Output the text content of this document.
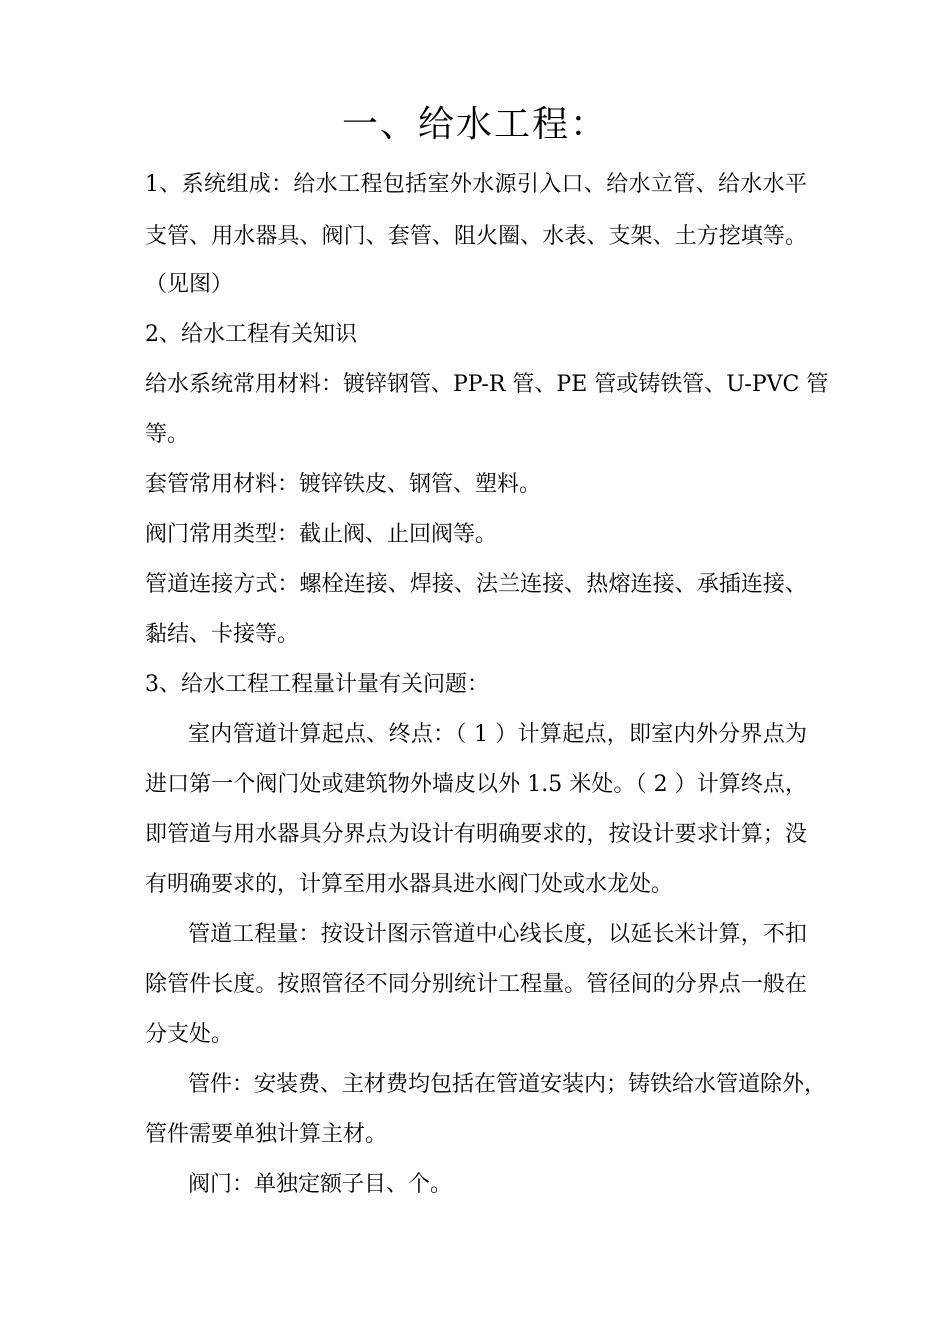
一、给水工程：
1、系统组成：给水工程包括室外水源引入口、给水立管、给水水平
支管、用水器具、阀门、套管、阻火圈、水表、支架、土方挖填等。
（见图）
2、给水工程有关知识
给水系统常用材料：镀锌钢管、PP-R 管、PE 管或铸铁管、U-PVC 管
等。
套管常用材料：镀锌铁皮、钢管、塑料。
阀门常用类型：截止阀、止回阀等。
管道连接方式：螺栓连接、焊接、法兰连接、热熔连接、承插连接、
黏结、卡接等。
3、给水工程工程量计量有关问题：
室内管道计算起点、终点：（ 1 ）计算起点，即室内外分界点为
进口第一个阀门处或建筑物外墙皮以外 1.5 米处。（ 2 ）计算终点，
即管道与用水器具分界点为设计有明确要求的，按设计要求计算；没
有明确要求的，计算至用水器具进水阀门处或水龙处。
管道工程量：按设计图示管道中心线长度，以延长米计算，不扣
除管件长度。按照管径不同分别统计工程量。管径间的分界点一般在
分支处。
管件：安装费、主材费均包括在管道安装内；铸铁给水管道除外，
管件需要单独计算主材。
阀门：单独定额子目、个。
